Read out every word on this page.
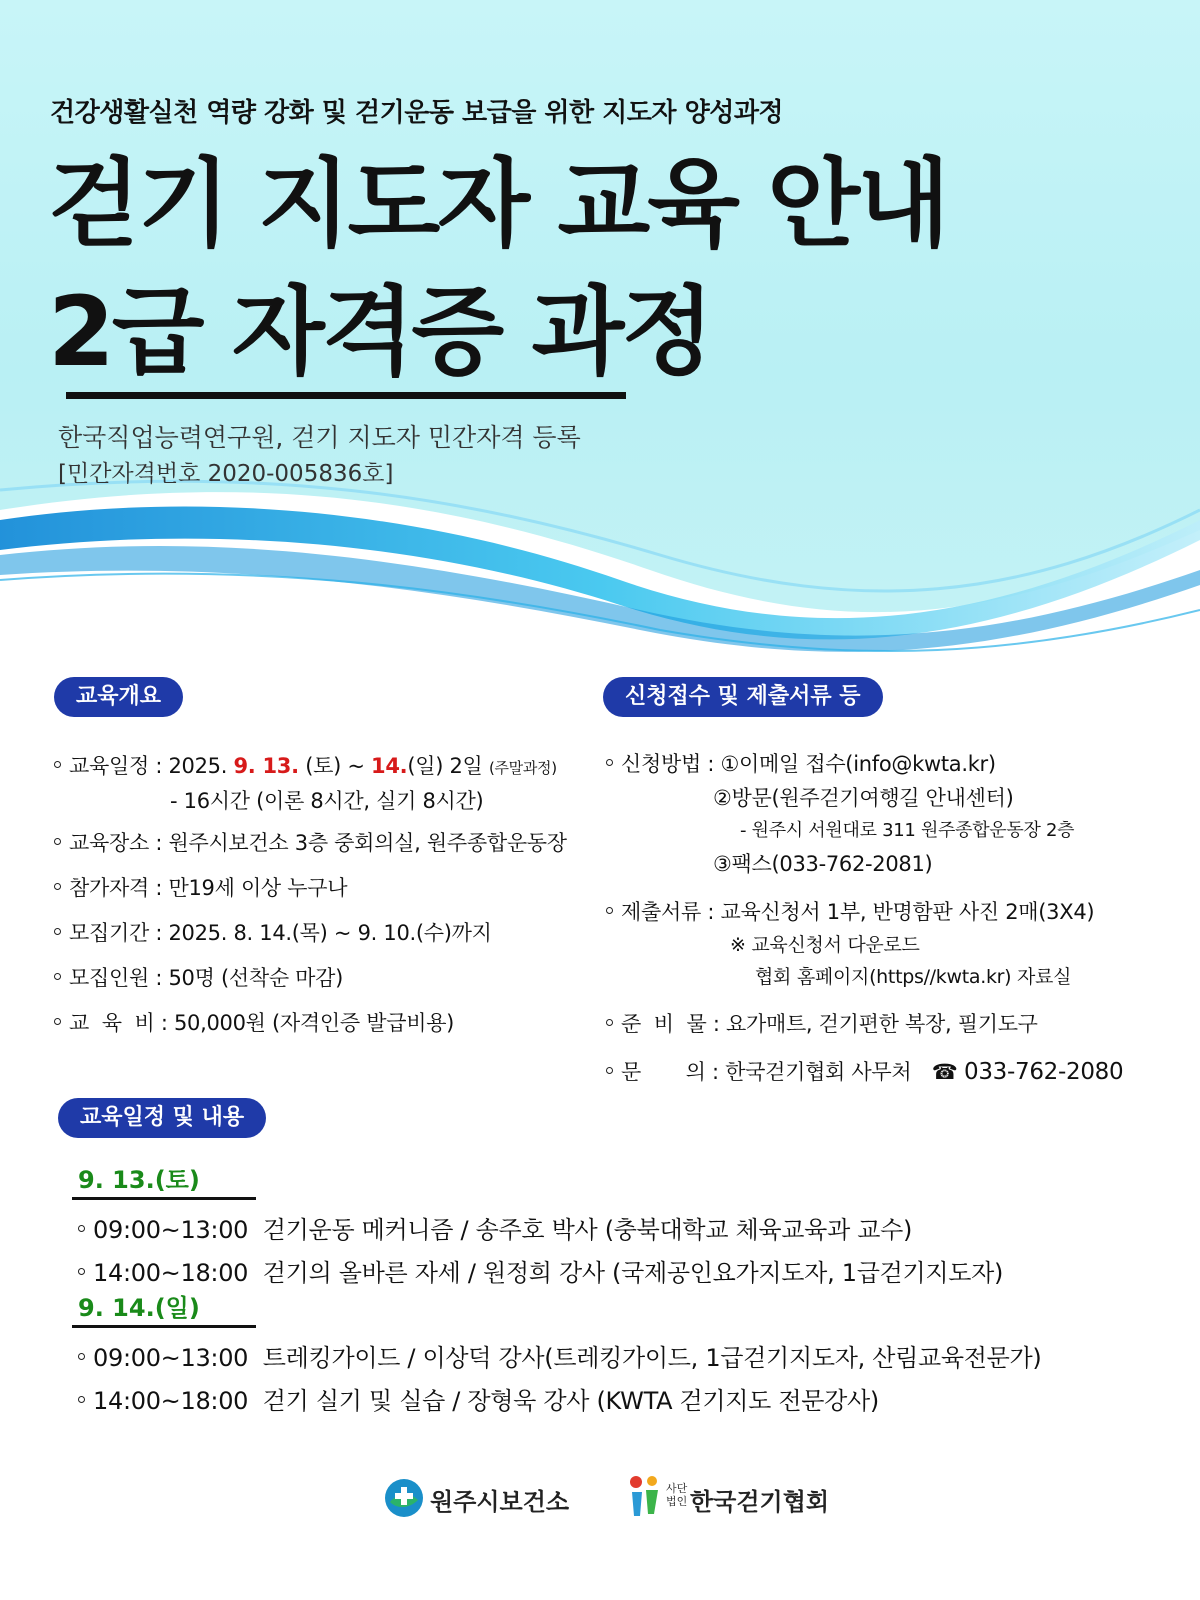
건강생활실천 역량 강화 및 걷기운동 보급을 위한 지도자 양성과정
걷기 지도자 교육 안내
2급 자격증 과정
한국직업능력연구원, 걷기 지도자 민간자격 등록
[민간자격번호 2020-005836호]
교육개요
교육일정 : 2025. 9. 13. (토) ~ 14.(일) 2일 (주말과정)
- 16시간 (이론 8시간, 실기 8시간)
교육장소 : 원주시보건소 3층 중회의실, 원주종합운동장
참가자격 : 만19세 이상 누구나
모집기간 : 2025. 8. 14.(목) ~ 9. 10.(수)까지
모집인원 : 50명 (선착순 마감)
교  육  비 : 50,000원 (자격인증 발급비용)
신청접수 및 제출서류 등
신청방법 : ①이메일 접수(info@kwta.kr)
②방문(원주걷기여행길 안내센터)
- 원주시 서원대로 311 원주종합운동장 2층
③팩스(033-762-2081)
제출서류 : 교육신청서 1부, 반명함판 사진 2매(3X4)
※ 교육신청서 다운로드
협회 홈페이지(https//kwta.kr) 자료실
준  비  물 : 요가매트, 걷기편한 복장, 필기도구
문       의 : 한국걷기협회 사무처 ☎ 033-762-2080
교육일정 및 내용
9. 13.(토)
09:00~13:00  걷기운동 메커니즘 / 송주호 박사 (충북대학교 체육교육과 교수)
14:00~18:00  걷기의 올바른 자세 / 원정희 강사 (국제공인요가지도자, 1급걷기지도자)
9. 14.(일)
09:00~13:00  트레킹가이드 / 이상덕 강사(트레킹가이드, 1급걷기지도자, 산림교육전문가)
14:00~18:00  걷기 실기 및 실습 / 장형욱 강사 (KWTA 걷기지도 전문강사)
원주시보건소	사단
법인 한국걷기협회
